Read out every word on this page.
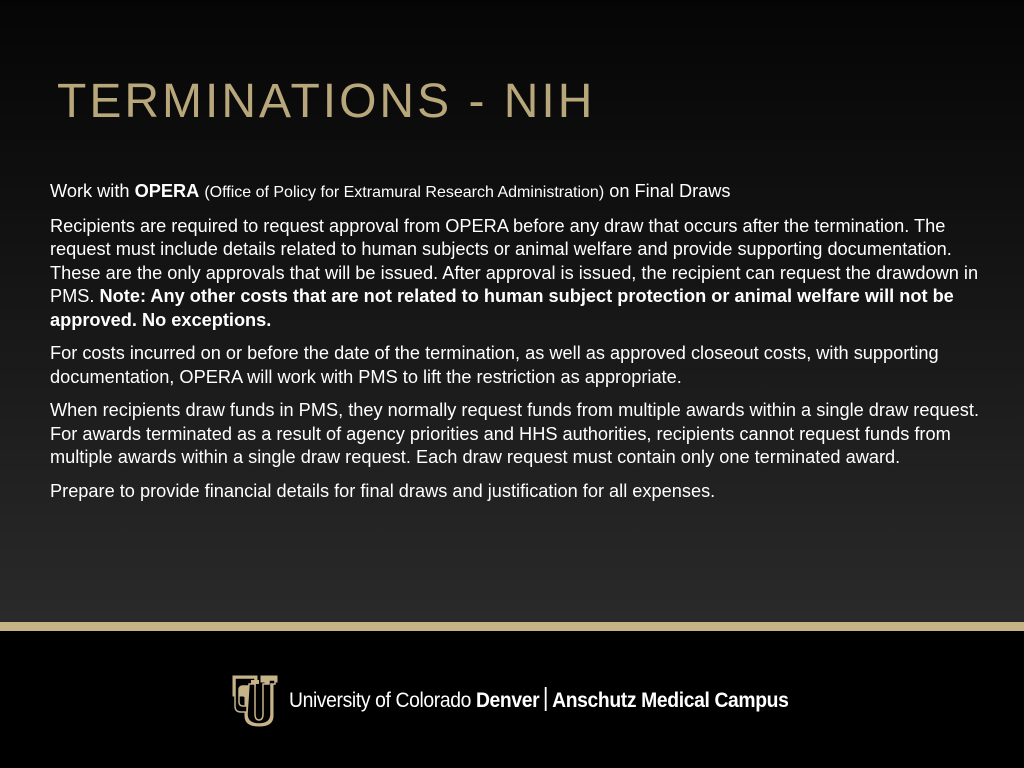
TERMINATIONS - NIH

Work with OPERA (Office of Policy for Extramural Research Administration) on Final Draws

Recipients are required to request approval from OPERA before any draw that occurs after the termination. The request must include details related to human subjects or animal welfare and provide supporting documentation. These are the only approvals that will be issued. After approval is issued, the recipient can request the drawdown in PMS. Note: Any other costs that are not related to human subject protection or animal welfare will not be approved. No exceptions.

For costs incurred on or before the date of the termination, as well as approved closeout costs, with supporting documentation, OPERA will work with PMS to lift the restriction as appropriate.

When recipients draw funds in PMS, they normally request funds from multiple awards within a single draw request. For awards terminated as a result of agency priorities and HHS authorities, recipients cannot request funds from multiple awards within a single draw request. Each draw request must contain only one terminated award.

Prepare to provide financial details for final draws and justification for all expenses.

University of Colorado Denver Anschutz Medical Campus
